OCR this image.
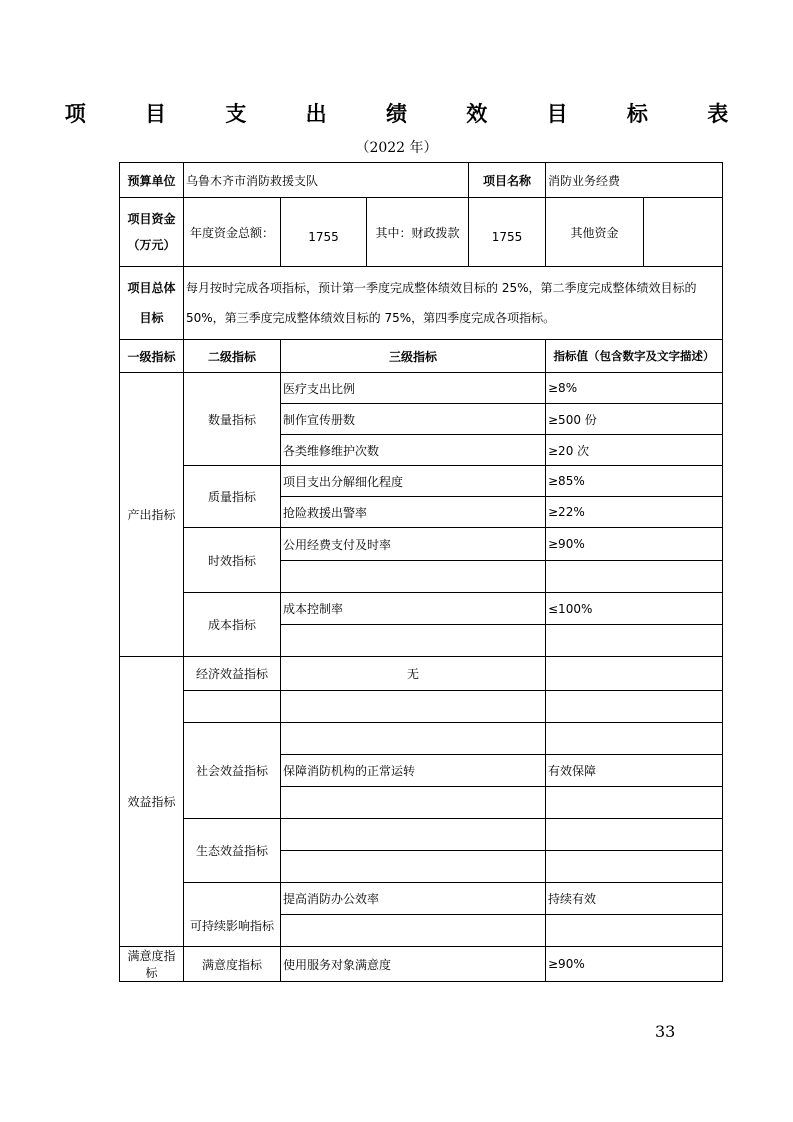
项 目 支 出 绩 效 目 标 表
（2022 年）
预算单位	乌鲁木齐市消防救援支队			项目名称	消防业务经费	
项目资金（万元）	年度资金总额：	1755	其中：财政拨款	1755	其他资金	
项目总体目标	每月按时完成各项指标，预计第一季度完成整体绩效目标的 25%，第二季度完成整体绩效目标的 50%，第三季度完成整体绩效目标的 75%，第四季度完成各项指标。					
一级指标	二级指标	三级指标			指标值（包含数字及文字描述）	
产出指标	数量指标	医疗支出比例			≥8%	
		制作宣传册数			≥500 份	
		各类维修维护次数			≥20 次	
	质量指标	项目支出分解细化程度			≥85%	
		抢险救援出警率			≥22%	
	时效指标	公用经费支付及时率			≥90%	

	成本指标	成本控制率			≤100%	

效益指标	经济效益指标	无				

	社会效益指标					
		保障消防机构的正常运转			有效保障	

	生态效益指标					

	可持续影响指标	提高消防办公效率			持续有效	

满意度指标	满意度指标	使用服务对象满意度			≥90%	
33
